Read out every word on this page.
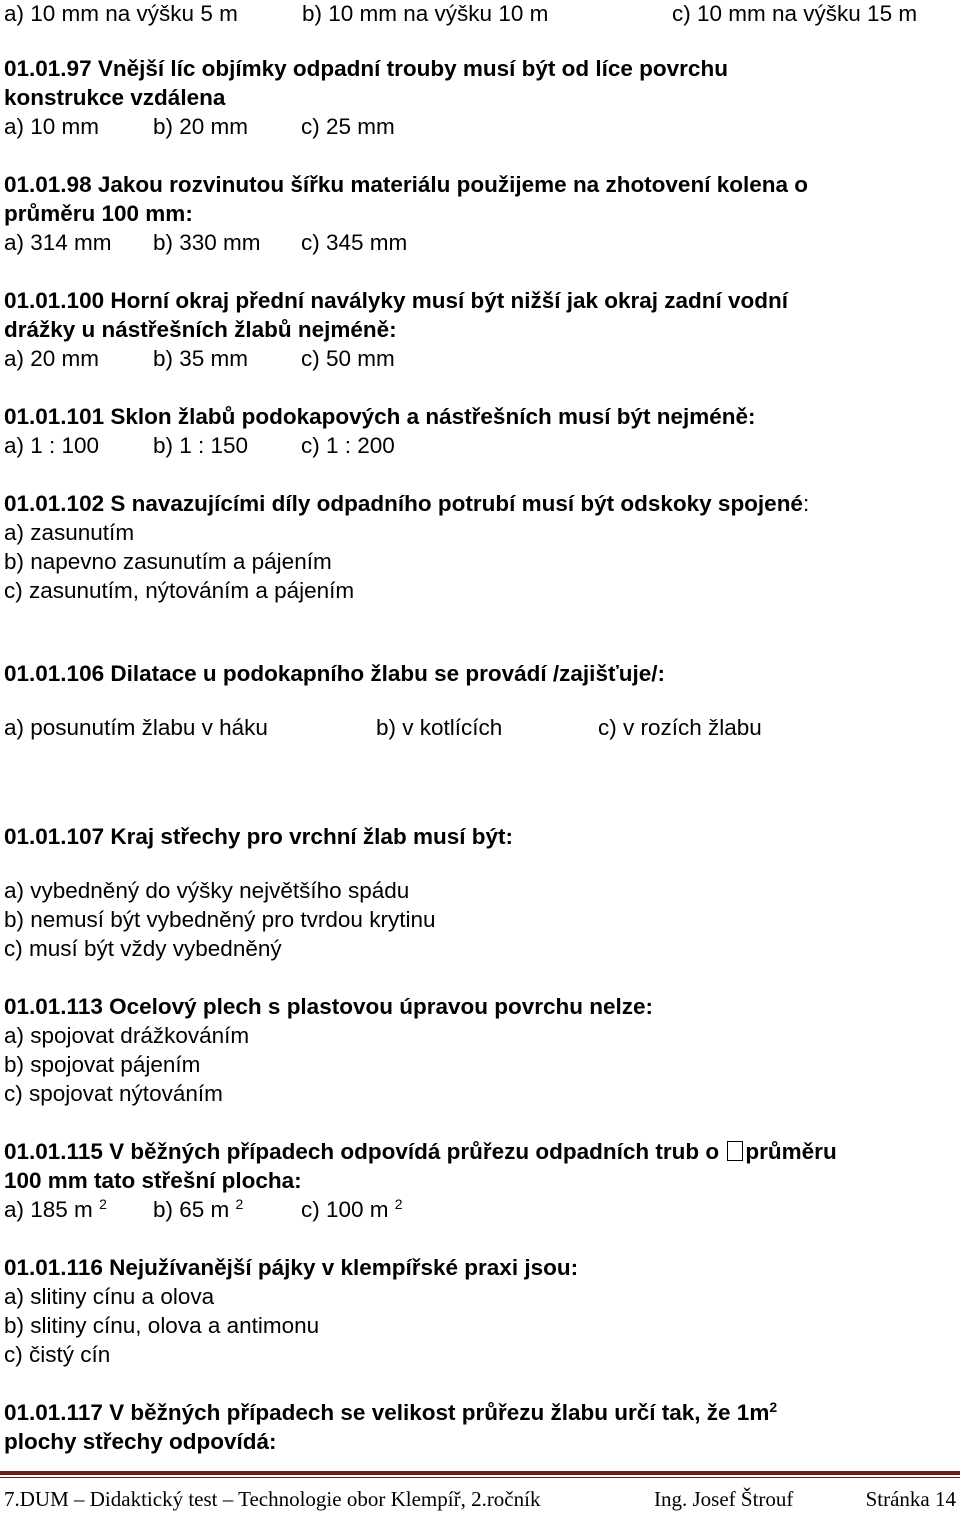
a) 10 mm na výšku 5 m	b) 10 mm na výšku 10 m	c) 10 mm na výšku 15 m
01.01.97 Vnější líc objímky odpadní trouby musí být od líce povrchu
konstrukce vzdálena
a) 10 mm b) 20 mm c) 25 mm
01.01.98 Jakou rozvinutou šířku materiálu použijeme na zhotovení kolena o
průměru 100 mm:
a) 314 mm b) 330 mm c) 345 mm
01.01.100 Horní okraj přední navályky musí být nižší jak okraj zadní vodní
drážky u nástřešních žlabů nejméně:
a) 20 mm b) 35 mm c) 50 mm
01.01.101 Sklon žlabů podokapových a nástřešních musí být nejméně:
a) 1 : 100 b) 1 : 150 c) 1 : 200
01.01.102 S navazujícími díly odpadního potrubí musí být odskoky spojené:
a) zasunutím
b) napevno zasunutím a pájením
c) zasunutím, nýtováním a pájením
01.01.106 Dilatace u podokapního žlabu se provádí /zajišťuje/:
a) posunutím žlabu v háku	b) v kotlících	c) v rozích žlabu
01.01.107 Kraj střechy pro vrchní žlab musí být:
a) vybedněný do výšky největšího spádu
b) nemusí být vybedněný pro tvrdou krytinu
c) musí být vždy vybedněný
01.01.113 Ocelový plech s plastovou úpravou povrchu nelze:
a) spojovat drážkováním
b) spojovat pájením
c) spojovat nýtováním
01.01.115 V běžných případech odpovídá průřezu odpadních trub o průměru
100 mm tato střešní plocha:
a) 185 m $^2$ b) 65 m $^2$	c) 100 m $^2$
01.01.116 Nejužívanější pájky v klempířské praxi jsou:
a) slitiny cínu a olova
b) slitiny cínu, olova a antimonu
c) čistý cín
01.01.117 V běžných případech se velikost průřezu žlabu určí tak, že $1m^2$
plochy střechy odpovídá:
7.DUM – Didaktický test – Technologie obor Klempíř, 2.ročník	Ing. Josef Štrouf	Stránka 14
